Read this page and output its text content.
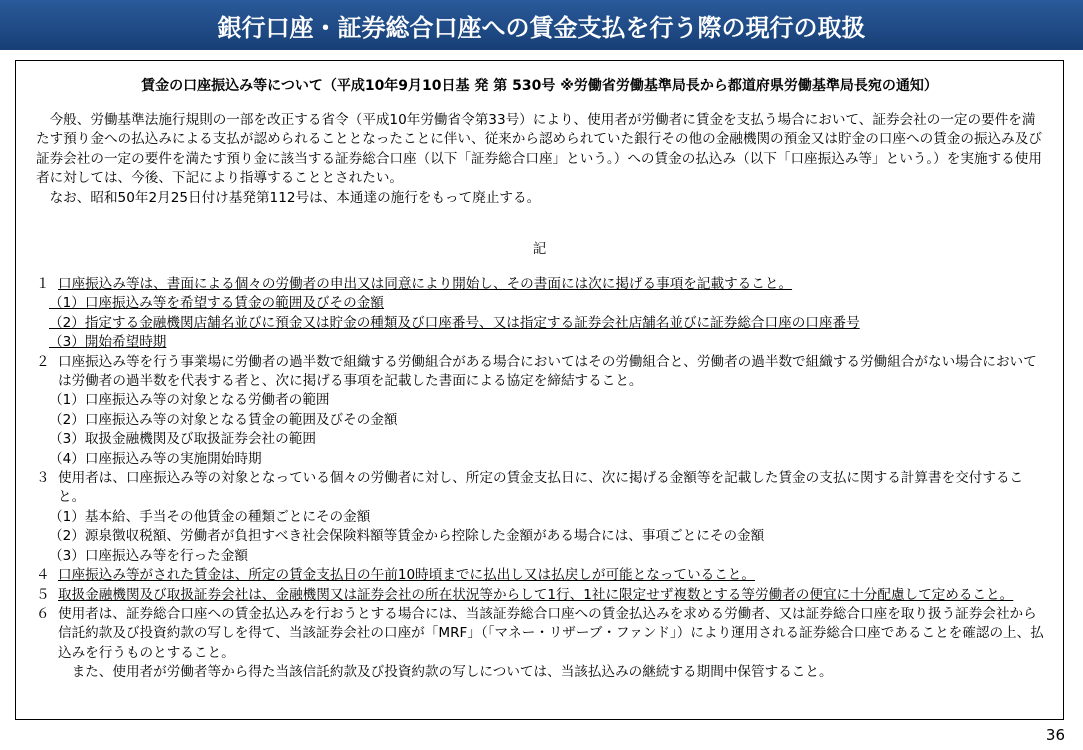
銀行口座・証券総合口座への賃金支払を行う際の現行の取扱
賃金の口座振込み等について（平成10年9月10日基 発 第 530号 ※労働省労働基準局長から都道府県労働基準局長宛の通知）

今般、労働基準法施行規則の一部を改正する省令（平成10年労働省令第33号）により、使用者が労働者に賃金を支払う場合において、証券会社の一定の要件を満たす預り金への払込みによる支払が認められることとなったことに伴い、従来から認められていた銀行その他の金融機関の預金又は貯金の口座への賃金の振込み及び証券会社の一定の要件を満たす預り金に該当する証券総合口座（以下「証券総合口座」という。）への賃金の払込み（以下「口座振込み等」という。）を実施する使用者に対しては、今後、下記により指導することとされたい。

なお、昭和50年2月25日付け基発第112号は、本通達の施行をもって廃止する。

記
１ 口座振込み等は、書面による個々の労働者の申出又は同意により開始し、その書面には次に掲げる事項を記載すること。
（1）口座振込み等を希望する賃金の範囲及びその金額
（2）指定する金融機関店舗名並びに預金又は貯金の種類及び口座番号、又は指定する証券会社店舗名並びに証券総合口座の口座番号
（3）開始希望時期
２ 口座振込み等を行う事業場に労働者の過半数で組織する労働組合がある場合においてはその労働組合と、労働者の過半数で組織する労働組合がない場合においては労働者の過半数を代表する者と、次に掲げる事項を記載した書面による協定を締結すること。
（1）口座振込み等の対象となる労働者の範囲
（2）口座振込み等の対象となる賃金の範囲及びその金額
（3）取扱金融機関及び取扱証券会社の範囲
（4）口座振込み等の実施開始時期
３ 使用者は、口座振込み等の対象となっている個々の労働者に対し、所定の賃金支払日に、次に掲げる金額等を記載した賃金の支払に関する計算書を交付すること。
（1）基本給、手当その他賃金の種類ごとにその金額
（2）源泉徴収税額、労働者が負担すべき社会保険料額等賃金から控除した金額がある場合には、事項ごとにその金額
（3）口座振込み等を行った金額
４ 口座振込み等がされた賃金は、所定の賃金支払日の午前10時頃までに払出し又は払戻しが可能となっていること。
５ 取扱金融機関及び取扱証券会社は、金融機関又は証券会社の所在状況等からして1行、1社に限定せず複数とする等労働者の便宜に十分配慮して定めること。
６ 使用者は、証券総合口座への賃金払込みを行おうとする場合には、当該証券総合口座への賃金払込みを求める労働者、又は証券総合口座を取り扱う証券会社から信託約款及び投資約款の写しを得て、当該証券会社の口座が「MRF」（「マネー・リザーブ・ファンド」）により運用される証券総合口座であることを確認の上、払込みを行うものとすること。
また、使用者が労働者等から得た当該信託約款及び投資約款の写しについては、当該払込みの継続する期間中保管すること。
36
